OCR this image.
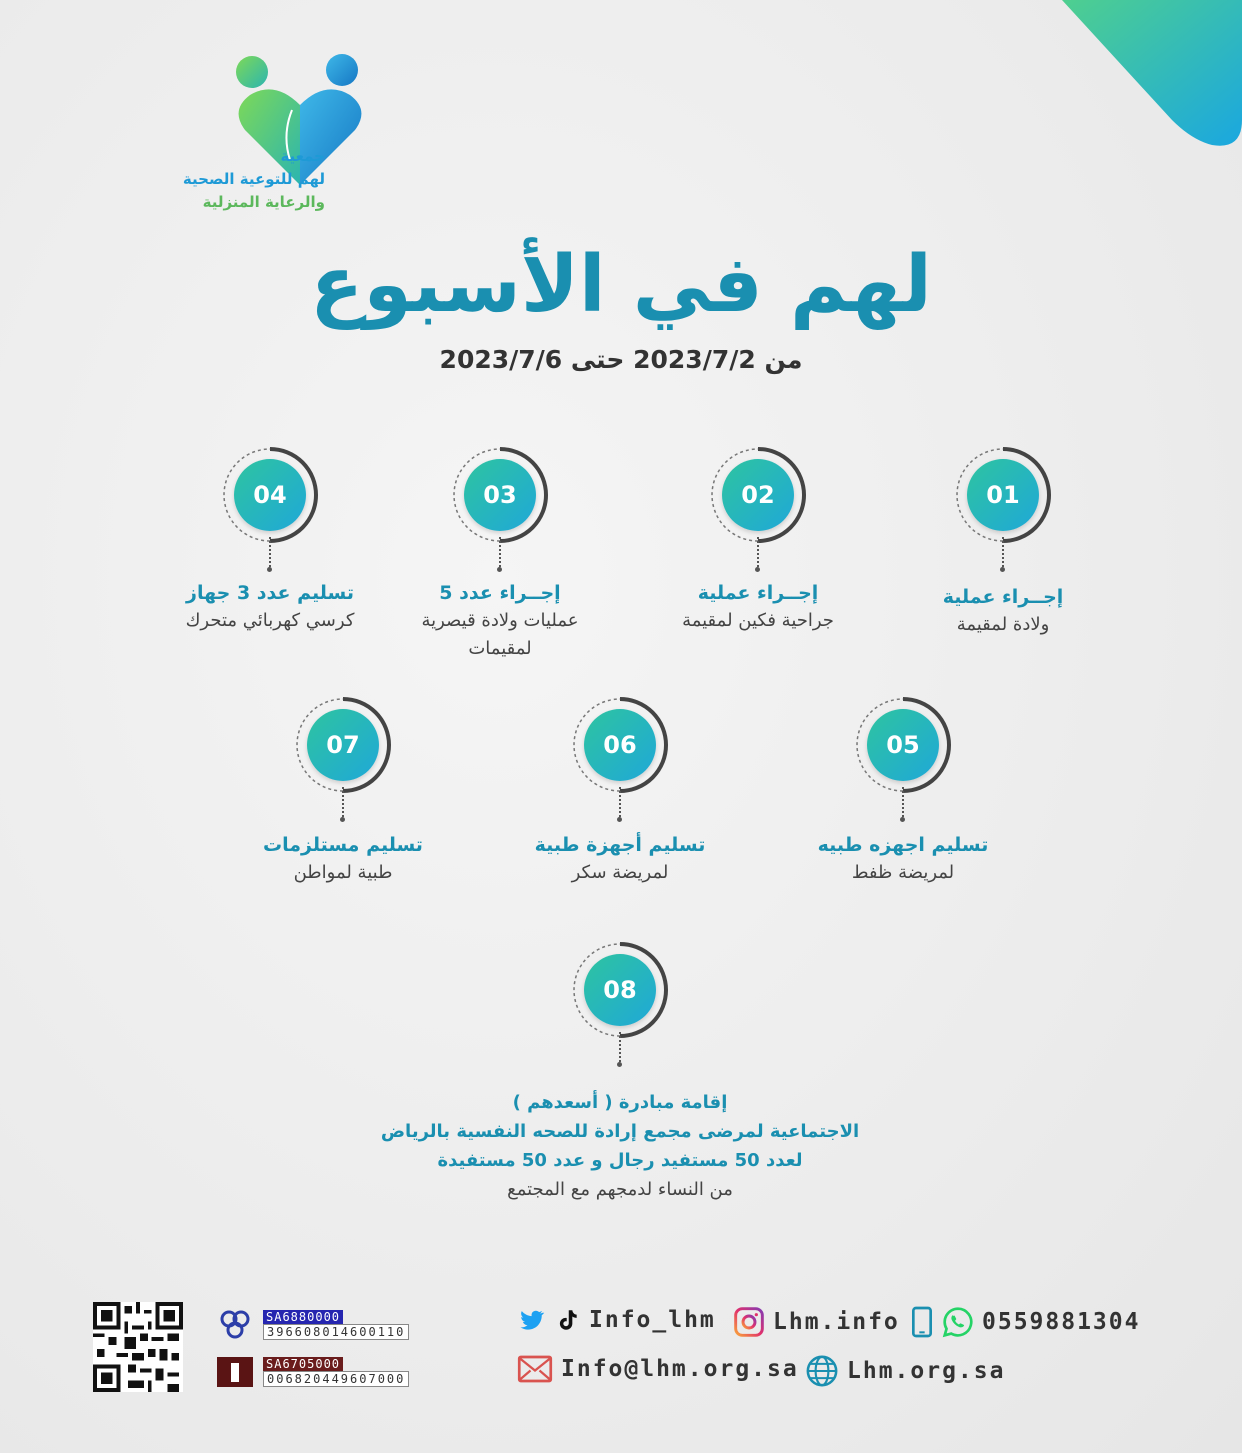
جمعية
لهم للتوعية الصحية
والرعاية المنزلية
لهم في الأسبوع
من 2023/7/2 حتى 2023/7/6
01
إجــراء عملية
ولادة لمقيمة
02
إجــراء عملية
جراحية فكين لمقيمة
03
إجــراء عدد 5
عمليات ولادة قيصرية
لمقيمات
04
تسليم عدد 3 جهاز
كرسي كهربائي متحرك
05
تسليم اجهزه طبيه
لمريضة ظفط
06
تسليم أجهزة طبية
لمريضة سكر
07
تسليم مستلزمات
طبية لمواطن
08
إقامة مبادرة ( أسعدهم )
الاجتماعية لمرضى مجمع إرادة للصحه النفسية بالرياض
لعدد 50 مستفيد رجال و عدد 50 مستفيدة
من النساء لدمجهم مع المجتمع
SA6880000
396608014600110
SA6705000
006820449607000
Info_lhm Lhm.info	0559881304
Info@lhm.org.sa Lhm.org.sa
